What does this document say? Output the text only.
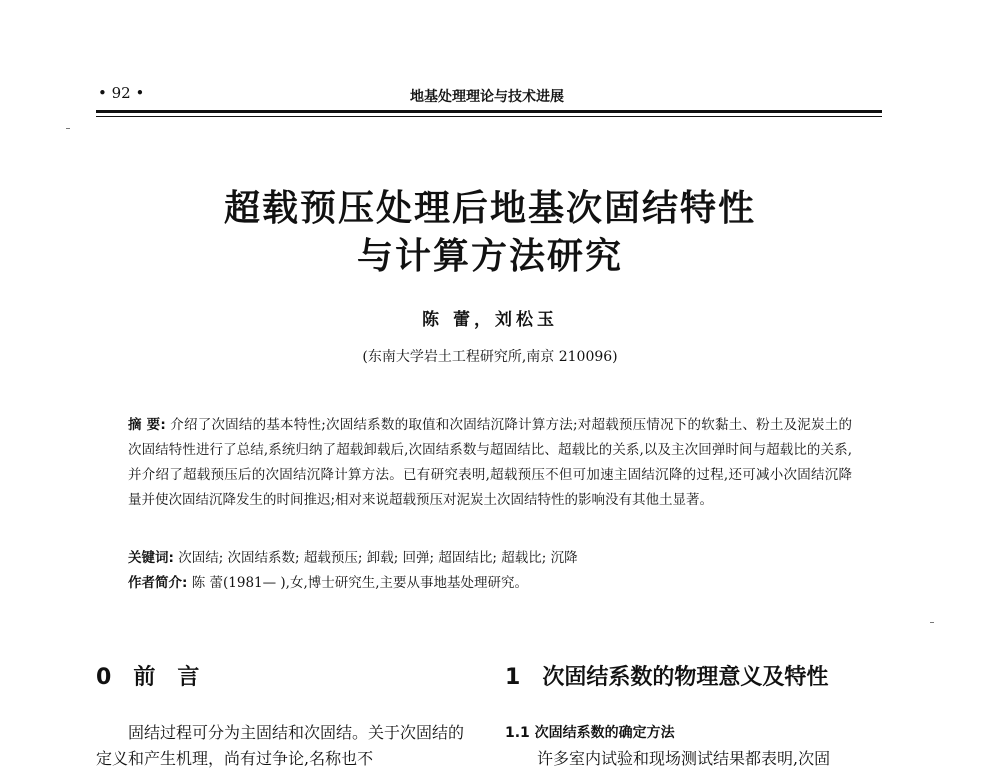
• 92 •	地基处理理论与技术进展
超载预压处理后地基次固结特性
与计算方法研究
陈 蕾，刘松玉
(东南大学岩土工程研究所,南京 210096)
摘 要: 介绍了次固结的基本特性;次固结系数的取值和次固结沉降计算方法;对超载预压情况下的软黏土、粉土及泥炭土的次固结特性进行了总结,系统归纳了超载卸载后,次固结系数与超固结比、超载比的关系,以及主次回弹时间与超载比的关系,并介绍了超载预压后的次固结沉降计算方法。已有研究表明,超载预压不但可加速主固结沉降的过程,还可减小次固结沉降量并使次固结沉降发生的时间推迟;相对来说超载预压对泥炭土次固结特性的影响没有其他土显著。
关键词: 次固结; 次固结系数; 超载预压; 卸载; 回弹; 超固结比; 超载比; 沉降
作者简介: 陈 蕾(1981— ),女,博士研究生,主要从事地基处理研究。
0 前 言	1 次固结系数的物理意义及特性
固结过程可分为主固结和次固结。关于次固结的定义和产生机理，尚有过争论,名称也不
1.1 次固结系数的确定方法
许多室内试验和现场测试结果都表明,次固
